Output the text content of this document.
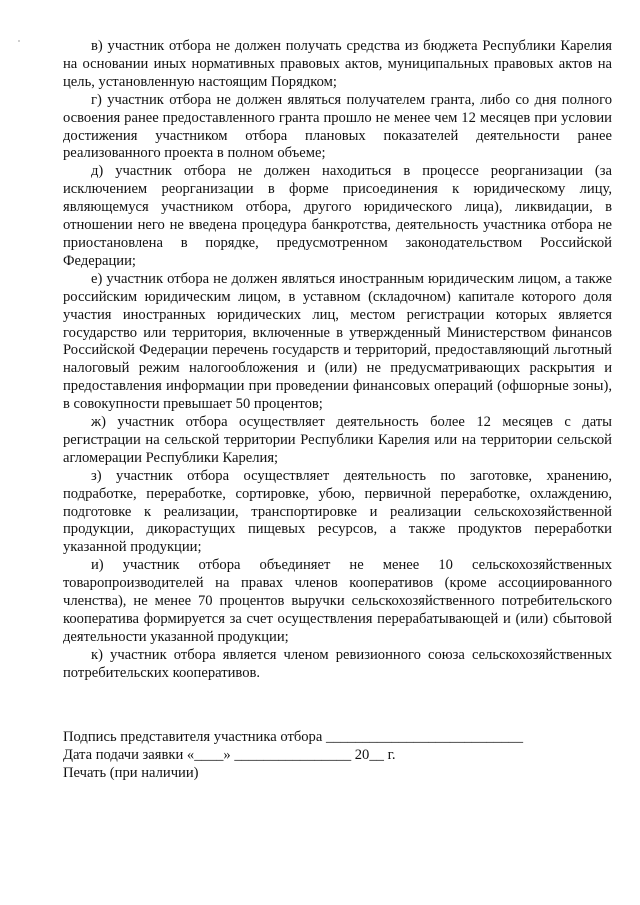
в) участник отбора не должен получать средства из бюджета Республики Карелия на основании иных нормативных правовых актов, муниципальных правовых актов на цель, установленную настоящим Порядком;

г) участник отбора не должен являться получателем гранта, либо со дня полного освоения ранее предоставленного гранта прошло не менее чем 12 месяцев при условии достижения участником отбора плановых показателей деятельности ранее реализованного проекта в полном объеме;

д) участник отбора не должен находиться в процессе реорганизации (за исключением реорганизации в форме присоединения к юридическому лицу, являющемуся участником отбора, другого юридического лица), ликвидации, в отношении него не введена процедура банкротства, деятельность участника отбора не приостановлена в порядке, предусмотренном законодательством Российской Федерации;

е) участник отбора не должен являться иностранным юридическим лицом, а также российским юридическим лицом, в уставном (складочном) капитале которого доля участия иностранных юридических лиц, местом регистрации которых является государство или территория, включенные в утвержденный Министерством финансов Российской Федерации перечень государств и территорий, предоставляющий льготный налоговый режим налогообложения и (или) не предусматривающих раскрытия и предоставления информации при проведении финансовых операций (офшорные зоны), в совокупности превышает 50 процентов;

ж) участник отбора осуществляет деятельность более 12 месяцев с даты регистрации на сельской территории Республики Карелия или на территории сельской агломерации Республики Карелия;

з) участник отбора осуществляет деятельность по заготовке, хранению, подработке, переработке, сортировке, убою, первичной переработке, охлаждению, подготовке к реализации, транспортировке и реализации сельскохозяйственной продукции, дикорастущих пищевых ресурсов, а также продуктов переработки указанной продукции;

и) участник отбора объединяет не менее 10 сельскохозяйственных товаропроизводителей на правах членов кооперативов (кроме ассоциированного членства), не менее 70 процентов выручки сельскохозяйственного потребительского кооператива формируется за счет осуществления перерабатывающей и (или) сбытовой деятельности указанной продукции;

к) участник отбора является членом ревизионного союза сельскохозяйственных потребительских кооперативов.

Подпись представителя участника отбора ___________________________
Дата подачи заявки «____» ________________ 20__ г.
Печать (при наличии)
